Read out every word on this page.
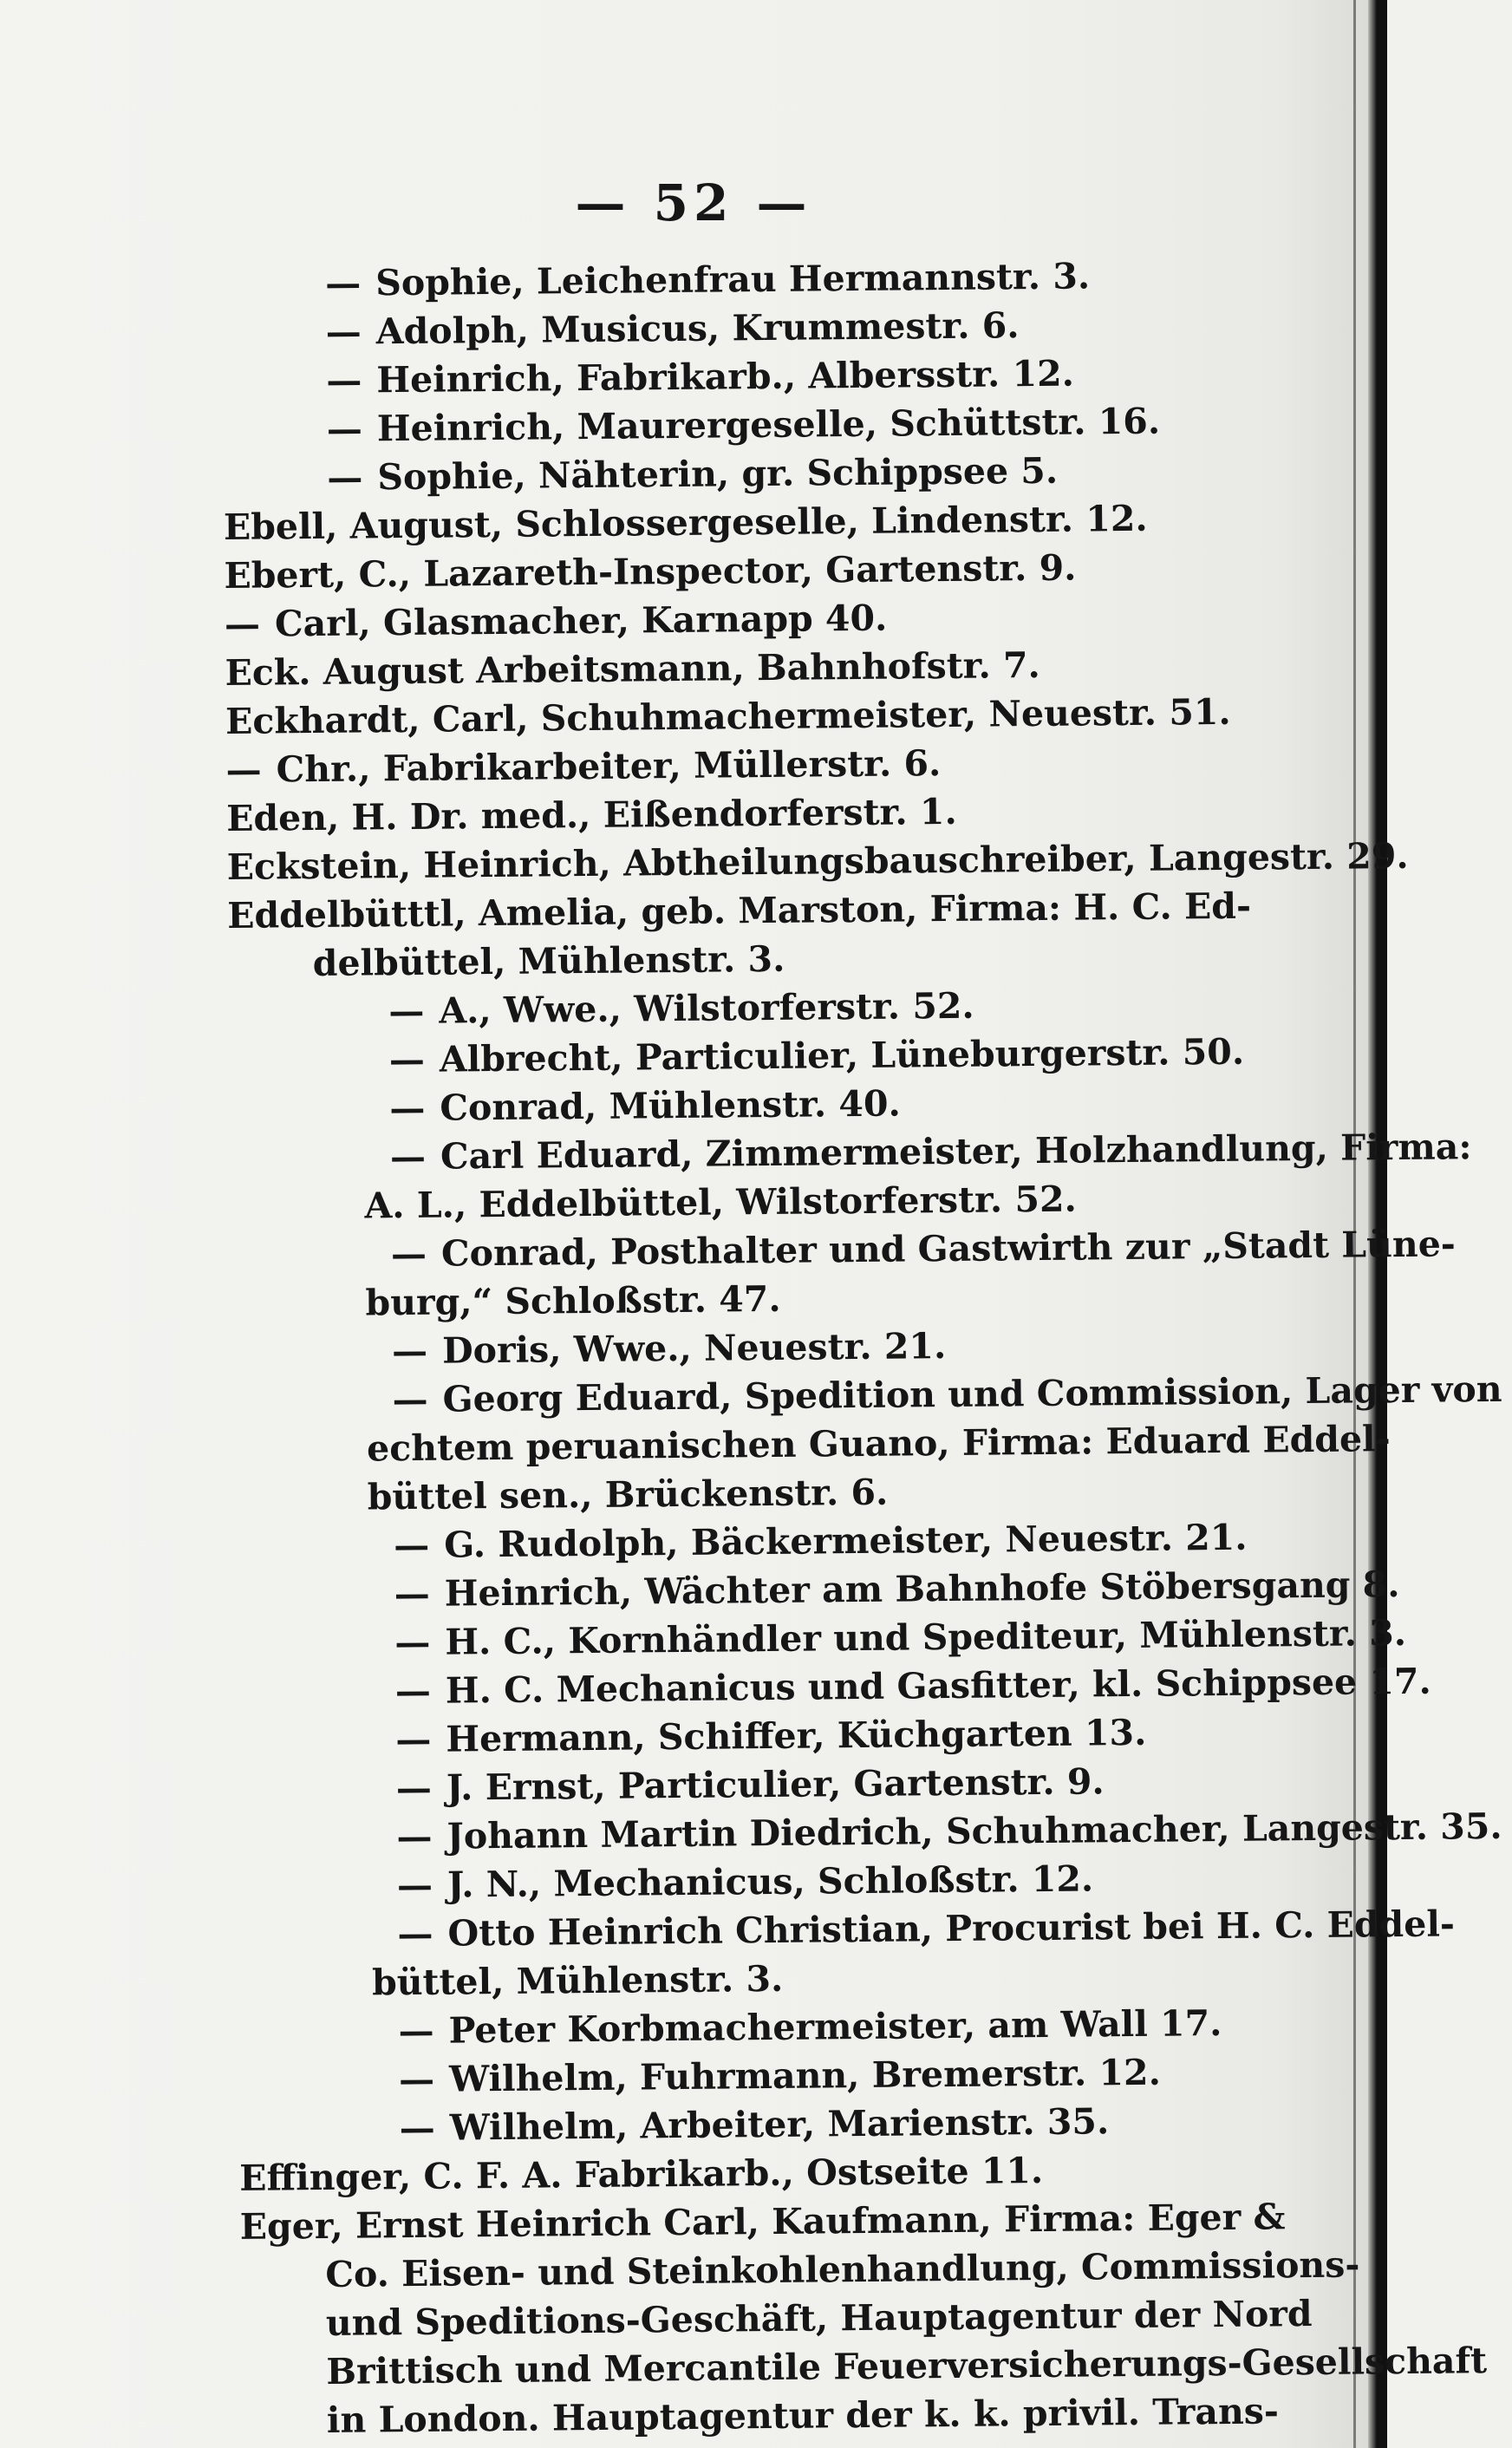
— 52 —
— Sophie, Leichenfrau Hermannstr. 3.
— Adolph, Musicus, Krummestr. 6.
— Heinrich, Fabrikarb., Albersstr. 12.
— Heinrich, Maurergeselle, Schüttstr. 16.
— Sophie, Nähterin, gr. Schippsee 5.
Ebell, August, Schlossergeselle, Lindenstr. 12.
Ebert, C., Lazareth-Inspector, Gartenstr. 9.
— Carl, Glasmacher, Karnapp 40.
Eck. August Arbeitsmann, Bahnhofstr. 7.
Eckhardt, Carl, Schuhmachermeister, Neuestr. 51.
— Chr., Fabrikarbeiter, Müllerstr. 6.
Eden, H. Dr. med., Eißendorferstr. 1.
Eckstein, Heinrich, Abtheilungsbauschreiber, Langestr. 29.
Eddelbütttl, Amelia, geb. Marston, Firma: H. C. Ed-
delbüttel, Mühlenstr. 3.
— A., Wwe., Wilstorferstr. 52.
— Albrecht, Particulier, Lüneburgerstr. 50.
— Conrad, Mühlenstr. 40.
— Carl Eduard, Zimmermeister, Holzhandlung, Firma:
A. L., Eddelbüttel, Wilstorferstr. 52.
— Conrad, Posthalter und Gastwirth zur „Stadt Lüne-
burg,“ Schloßstr. 47.
— Doris, Wwe., Neuestr. 21.
— Georg Eduard, Spedition und Commission, Lager von
echtem peruanischen Guano, Firma: Eduard Eddel-
büttel sen., Brückenstr. 6.
— G. Rudolph, Bäckermeister, Neuestr. 21.
— Heinrich, Wächter am Bahnhofe Stöbersgang 8.
— H. C., Kornhändler und Spediteur, Mühlenstr. 3.
— H. C. Mechanicus und Gasfitter, kl. Schippsee 17.
— Hermann, Schiffer, Küchgarten 13.
— J. Ernst, Particulier, Gartenstr. 9.
— Johann Martin Diedrich, Schuhmacher, Langestr. 35.
— J. N., Mechanicus, Schloßstr. 12.
— Otto Heinrich Christian, Procurist bei H. C. Eddel-
büttel, Mühlenstr. 3.
— Peter Korbmachermeister, am Wall 17.
— Wilhelm, Fuhrmann, Bremerstr. 12.
— Wilhelm, Arbeiter, Marienstr. 35.
Effinger, C. F. A. Fabrikarb., Ostseite 11.
Eger, Ernst Heinrich Carl, Kaufmann, Firma: Eger &
Co. Eisen- und Steinkohlenhandlung, Commissions-
und Speditions-Geschäft, Hauptagentur der Nord
Brittisch und Mercantile Feuerversicherungs-Gesellschaft
in London. Hauptagentur der k. k. privil. Trans-
